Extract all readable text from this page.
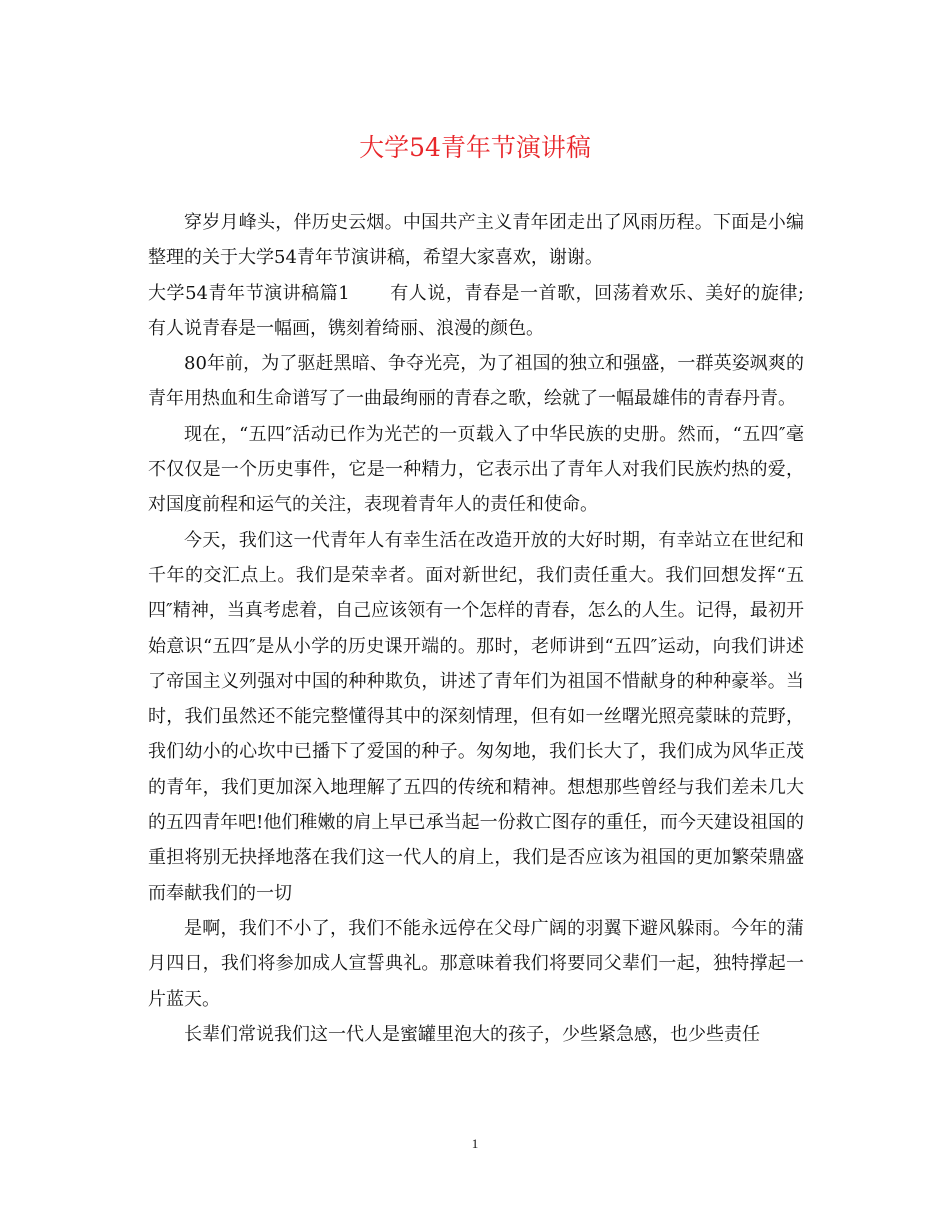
大学54青年节演讲稿

穿岁月峰头，伴历史云烟。中国共产主义青年团走出了风雨历程。下面是小编整理的关于大学54青年节演讲稿，希望大家喜欢，谢谢。

大学54青年节演讲稿篇1 有人说，青春是一首歌，回荡着欢乐、美好的旋律;有人说青春是一幅画，镌刻着绮丽、浪漫的颜色。

80年前，为了驱赶黑暗、争夺光亮，为了祖国的独立和强盛，一群英姿飒爽的青年用热血和生命谱写了一曲最绚丽的青春之歌，绘就了一幅最雄伟的青春丹青。

现在，“五四″活动已作为光芒的一页载入了中华民族的史册。然而，“五四″毫不仅仅是一个历史事件，它是一种精力，它表示出了青年人对我们民族灼热的爱，对国度前程和运气的关注，表现着青年人的责任和使命。

今天，我们这一代青年人有幸生活在改造开放的大好时期，有幸站立在世纪和千年的交汇点上。我们是荣幸者。面对新世纪，我们责任重大。我们回想发挥“五四″精神，当真考虑着，自己应该领有一个怎样的青春，怎么的人生。记得，最初开始意识“五四″是从小学的历史课开端的。那时，老师讲到“五四″运动，向我们讲述了帝国主义列强对中国的种种欺负，讲述了青年们为祖国不惜献身的种种豪举。当时，我们虽然还不能完整懂得其中的深刻情理，但有如一丝曙光照亮蒙昧的荒野，我们幼小的心坎中已播下了爱国的种子。匆匆地，我们长大了，我们成为风华正茂的青年，我们更加深入地理解了五四的传统和精神。想想那些曾经与我们差未几大的五四青年吧!他们稚嫩的肩上早已承当起一份救亡图存的重任，而今天建设祖国的重担将别无抉择地落在我们这一代人的肩上，我们是否应该为祖国的更加繁荣鼎盛而奉献我们的一切

是啊，我们不小了，我们不能永远停在父母广阔的羽翼下避风躲雨。今年的蒲月四日，我们将参加成人宣誓典礼。那意味着我们将要同父辈们一起，独特撑起一片蓝天。

长辈们常说我们这一代人是蜜罐里泡大的孩子，少些紧急感，也少些责任

1
